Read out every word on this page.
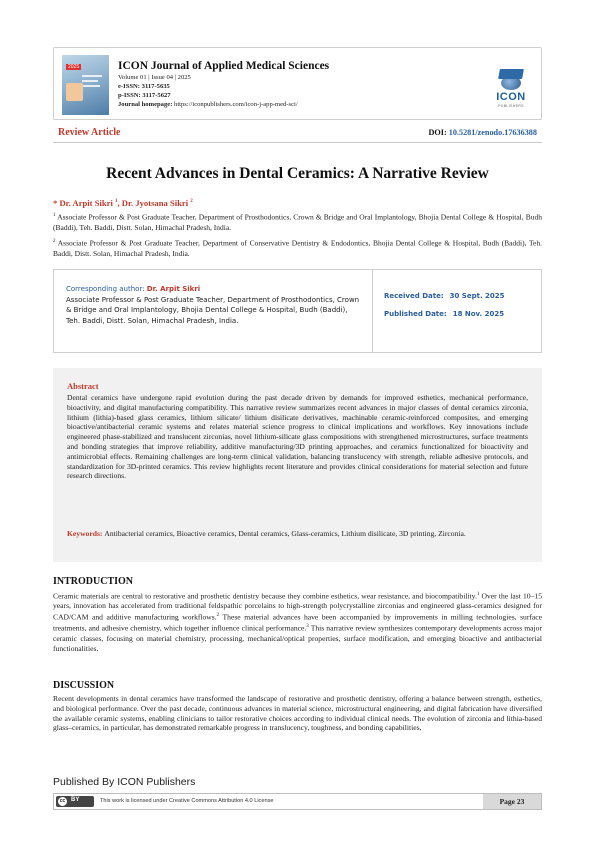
2025	ICON Journal of Applied Medical Sciences
Volume 01 | Issue 04 | 2025
e-ISSN: 3117-5635
p-ISSN: 3117-5627
Journal homepage: https://iconpublishers.com/icon-j-app-med-sci/
ICON
PUBLISHERS
Review Article	DOI: 10.5281/zenodo.17636388
Recent Advances in Dental Ceramics: A Narrative Review
* Dr. Arpit Sikri $^1$, Dr. Jyotsana Sikri $^2$
$^1$ Associate Professor & Post Graduate Teacher, Department of Prosthodontics, Crown & Bridge and Oral Implantology, Bhojia Dental College & Hospital, Budh (Baddi), Teh. Baddi, Distt. Solan, Himachal Pradesh, India.
$^2$ Associate Professor & Post Graduate Teacher, Department of Conservative Dentistry & Endodontics, Bhojia Dental College & Hospital, Budh (Baddi), Teh. Baddi, Distt. Solan, Himachal Pradesh, India.
Corresponding author: Dr. Arpit Sikri
Associate Professor & Post Graduate Teacher, Department of Prosthodontics, Crown & Bridge and Oral Implantology, Bhojia Dental College & Hospital, Budh (Baddi), Teh. Baddi, Distt. Solan, Himachal Pradesh, India.
Received Date: 30 Sept. 2025
Published Date: 18 Nov. 2025
Abstract
Dental ceramics have undergone rapid evolution during the past decade driven by demands for improved esthetics, mechanical performance, bioactivity, and digital manufacturing compatibility. This narrative review summarizes recent advances in major classes of dental ceramics zirconia, lithium (lithia)-based glass ceramics, lithium silicate/ lithium disilicate derivatives, machinable ceramic-reinforced composites, and emerging bioactive/antibacterial ceramic systems and relates material science progress to clinical implications and workflows. Key innovations include engineered phase-stabilized and translucent zirconias, novel lithium-silicate glass compositions with strengthened microstructures, surface treatments and bonding strategies that improve reliability, additive manufacturing/3D printing approaches, and ceramics functionalized for bioactivity and antimicrobial effects. Remaining challenges are long-term clinical validation, balancing translucency with strength, reliable adhesive protocols, and standardization for 3D-printed ceramics. This review highlights recent literature and provides clinical considerations for material selection and future research directions.
Keywords: Antibacterial ceramics, Bioactive ceramics, Dental ceramics, Glass-ceramics, Lithium disilicate, 3D printing, Zirconia.
INTRODUCTION
Ceramic materials are central to restorative and prosthetic dentistry because they combine esthetics, wear resistance, and biocompatibility.$^1$ Over the last 10–15 years, innovation has accelerated from traditional feldspathic porcelains to high-strength polycrystalline zirconias and engineered glass-ceramics designed for CAD/CAM and additive manufacturing workflows.$^2$ These material advances have been accompanied by improvements in milling technologies, surface treatments, and adhesive chemistry, which together influence clinical performance.$^3$ This narrative review synthesizes contemporary developments across major ceramic classes, focusing on material chemistry, processing, mechanical/optical properties, surface modification, and emerging bioactive and antibacterial functionalities.
DISCUSSION
Recent developments in dental ceramics have transformed the landscape of restorative and prosthetic dentistry, offering a balance between strength, esthetics, and biological performance. Over the past decade, continuous advances in material science, microstructural engineering, and digital fabrication have diversified the available ceramic systems, enabling clinicians to tailor restorative choices according to individual clinical needs. The evolution of zirconia and lithia-based glass–ceramics, in particular, has demonstrated remarkable progress in translucency, toughness, and bonding capabilities,
Published By ICON Publishers
cc BY	This work is licensed under Creative Commons Attribution 4.0 License	Page 23
